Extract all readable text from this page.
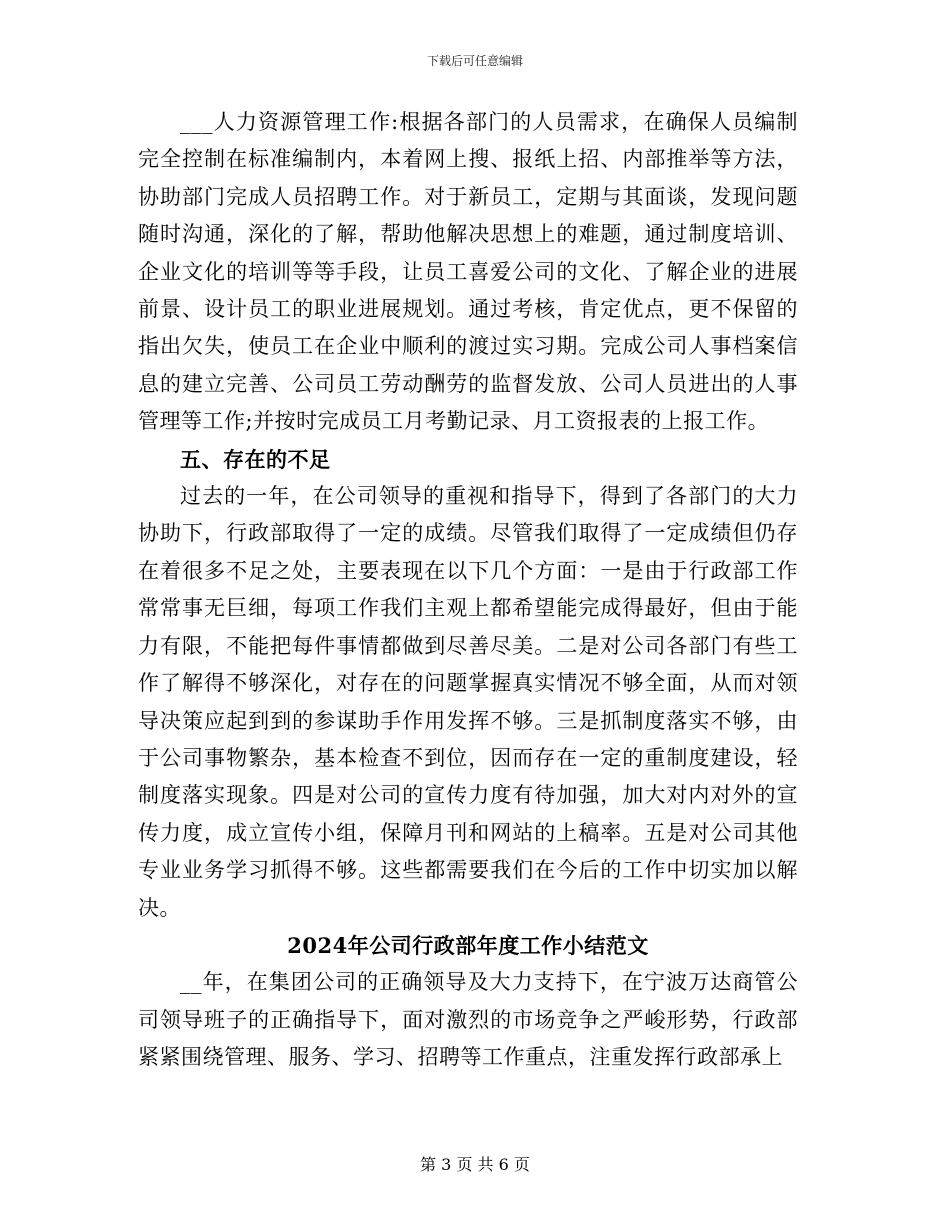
下载后可任意编辑

___人力资源管理工作:根据各部门的人员需求，在确保人员编制完全控制在标准编制内，本着网上搜、报纸上招、内部推举等方法，协助部门完成人员招聘工作。对于新员工，定期与其面谈，发现问题随时沟通，深化的了解，帮助他解决思想上的难题，通过制度培训、企业文化的培训等等手段，让员工喜爱公司的文化、了解企业的进展前景、设计员工的职业进展规划。通过考核，肯定优点，更不保留的指出欠失，使员工在企业中顺利的渡过实习期。完成公司人事档案信息的建立完善、公司员工劳动酬劳的监督发放、公司人员进出的人事管理等工作;并按时完成员工月考勤记录、月工资报表的上报工作。

五、存在的不足

过去的一年，在公司领导的重视和指导下，得到了各部门的大力协助下，行政部取得了一定的成绩。尽管我们取得了一定成绩但仍存在着很多不足之处，主要表现在以下几个方面：一是由于行政部工作常常事无巨细，每项工作我们主观上都希望能完成得最好，但由于能力有限，不能把每件事情都做到尽善尽美。二是对公司各部门有些工作了解得不够深化，对存在的问题掌握真实情况不够全面，从而对领导决策应起到到的参谋助手作用发挥不够。三是抓制度落实不够，由于公司事物繁杂，基本检查不到位，因而存在一定的重制度建设，轻制度落实现象。四是对公司的宣传力度有待加强，加大对内对外的宣传力度，成立宣传小组，保障月刊和网站的上稿率。五是对公司其他专业业务学习抓得不够。这些都需要我们在今后的工作中切实加以解决。

2024年公司行政部年度工作小结范文

__年，在集团公司的正确领导及大力支持下，在宁波万达商管公司领导班子的正确指导下，面对激烈的市场竞争之严峻形势，行政部紧紧围绕管理、服务、学习、招聘等工作重点，注重发挥行政部承上

第 3 页 共 6 页
